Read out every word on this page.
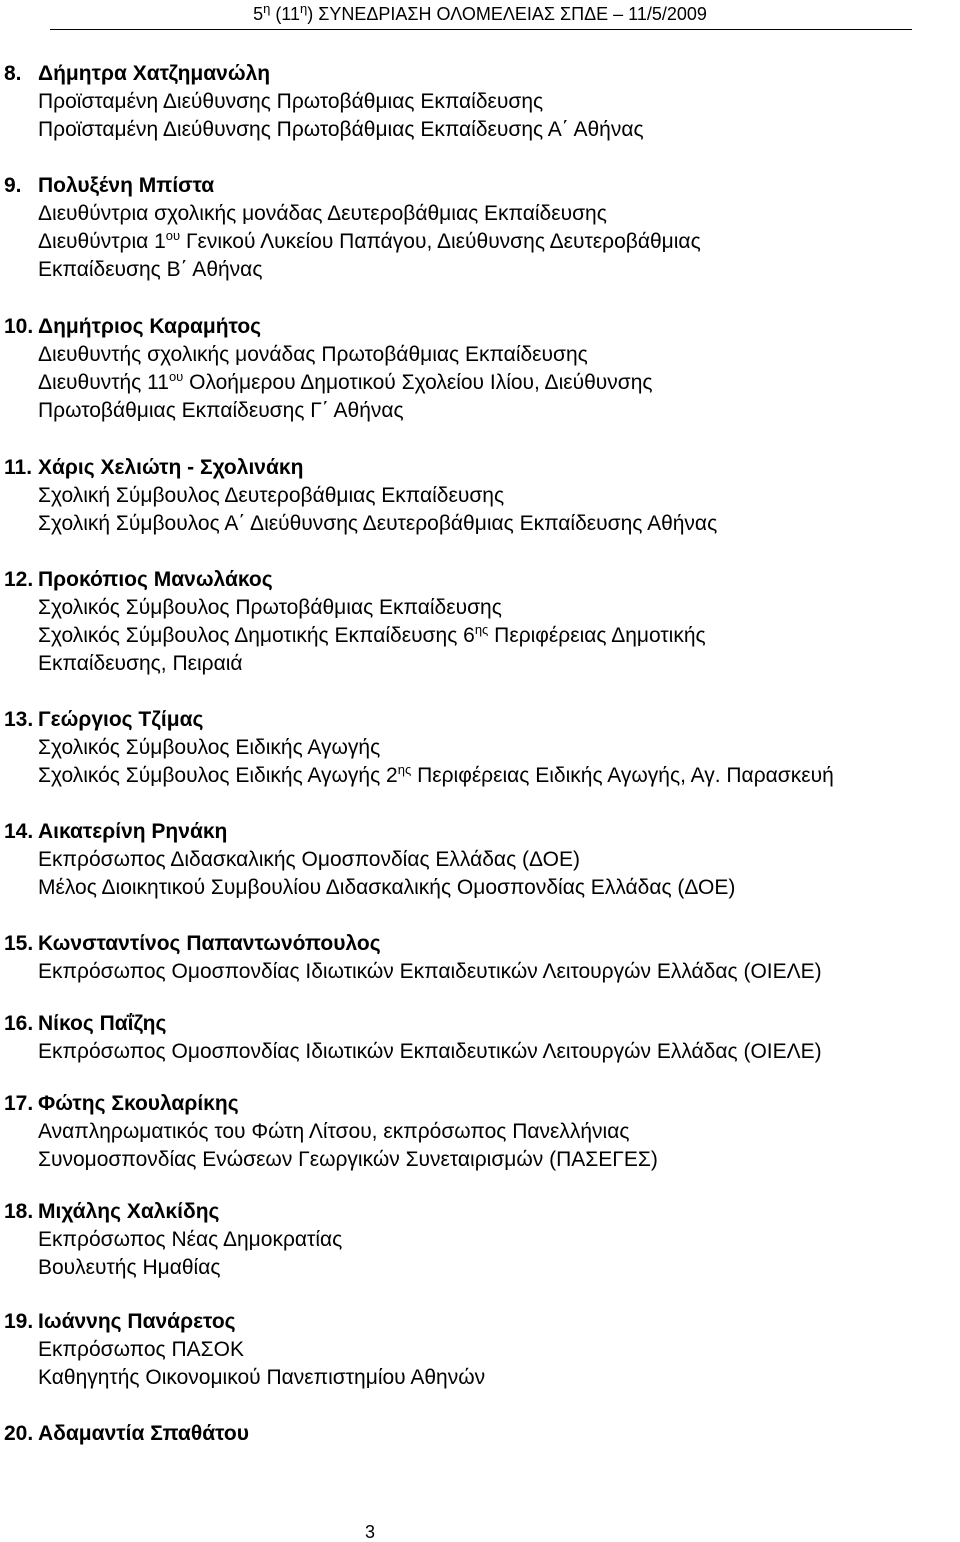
$5^\eta$ $(11^\eta)$ ΣΥΝΕΔΡΙΑΣΗ ΟΛΟΜΕΛΕΙΑΣ ΣΠΔΕ – 11/5/2009
8. Δήμητρα Χατζημανώλη
Προϊσταμένη Διεύθυνσης Πρωτοβάθμιας Εκπαίδευσης
Προϊσταμένη Διεύθυνσης Πρωτοβάθμιας Εκπαίδευσης Α΄ Αθήνας
9. Πολυξένη Μπίστα
Διευθύντρια σχολικής μονάδας Δευτεροβάθμιας Εκπαίδευσης
Διευθύντρια $1^{o\upsilon}$ Γενικού Λυκείου Παπάγου, Διεύθυνσης Δευτεροβάθμιας
Εκπαίδευσης Β΄ Αθήνας
10. Δημήτριος Καραμήτος
Διευθυντής σχολικής μονάδας Πρωτοβάθμιας Εκπαίδευσης
Διευθυντής $11^{o\upsilon}$ Ολοήμερου Δημοτικού Σχολείου Ιλίου, Διεύθυνσης
Πρωτοβάθμιας Εκπαίδευσης Γ΄ Αθήνας
11. Χάρις Χελιώτη - Σχολινάκη
Σχολική Σύμβουλος Δευτεροβάθμιας Εκπαίδευσης
Σχολική Σύμβουλος Α΄ Διεύθυνσης Δευτεροβάθμιας Εκπαίδευσης Αθήνας
12. Προκόπιος Μανωλάκος
Σχολικός Σύμβουλος Πρωτοβάθμιας Εκπαίδευσης
Σχολικός Σύμβουλος Δημοτικής Εκπαίδευσης $6^{\eta\varsigma}$ Περιφέρειας Δημοτικής
Εκπαίδευσης, Πειραιά
13. Γεώργιος Τζίμας
Σχολικός Σύμβουλος Ειδικής Αγωγής
Σχολικός Σύμβουλος Ειδικής Αγωγής $2^{\eta\varsigma}$ Περιφέρειας Ειδικής Αγωγής, Αγ. Παρασκευή
14. Αικατερίνη Ρηνάκη
Εκπρόσωπος Διδασκαλικής Ομοσπονδίας Ελλάδας (ΔΟΕ)
Μέλος Διοικητικού Συμβουλίου Διδασκαλικής Ομοσπονδίας Ελλάδας (ΔΟΕ)
15. Κωνσταντίνος Παπαντωνόπουλος
Εκπρόσωπος Ομοσπονδίας Ιδιωτικών Εκπαιδευτικών Λειτουργών Ελλάδας (ΟΙΕΛΕ)
16. Νίκος Παΐζης
Εκπρόσωπος Ομοσπονδίας Ιδιωτικών Εκπαιδευτικών Λειτουργών Ελλάδας (ΟΙΕΛΕ)
17. Φώτης Σκουλαρίκης
Αναπληρωματικός του Φώτη Λίτσου, εκπρόσωπος Πανελλήνιας
Συνομοσπονδίας Ενώσεων Γεωργικών Συνεταιρισμών (ΠΑΣΕΓΕΣ)
18. Μιχάλης Χαλκίδης
Εκπρόσωπος Νέας Δημοκρατίας
Βουλευτής Ημαθίας
19. Ιωάννης Πανάρετος
Εκπρόσωπος ΠΑΣΟΚ
Καθηγητής Οικονομικού Πανεπιστημίου Αθηνών
20. Αδαμαντία Σπαθάτου
3
